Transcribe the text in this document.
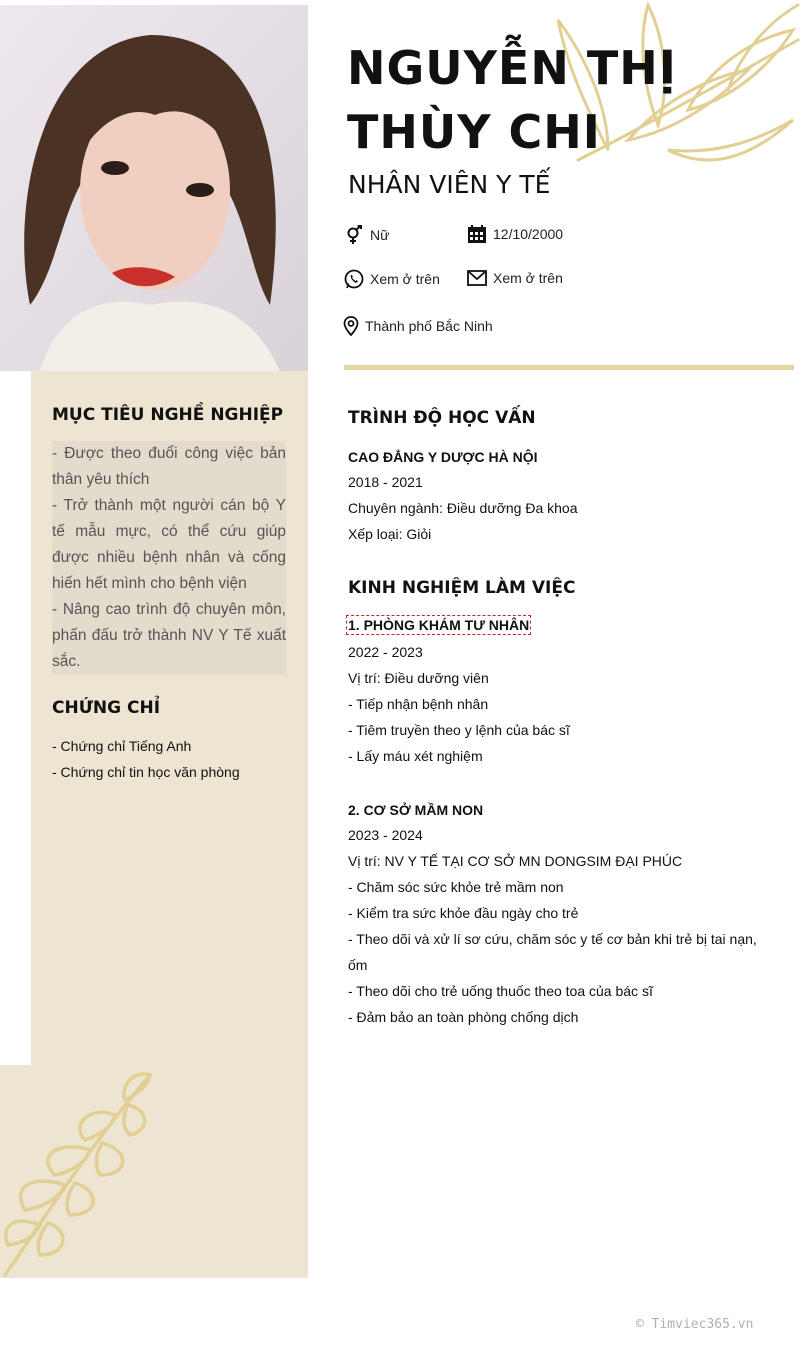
NGUYỄN THỊ
THÙY CHI
NHÂN VIÊN Y TẾ
Nữ	12/10/2000
Xem ở trên	Xem ở trên
Thành phố Bắc Ninh
MỤC TIÊU NGHỀ NGHIỆP

- Được theo đuổi công việc bản thân yêu thích

- Trở thành một người cán bộ Y tế mẫu mực, có thể cứu giúp được nhiều bệnh nhân và cống hiến hết mình cho bệnh viện

- Nâng cao trình độ chuyên môn, phấn đấu trở thành NV Y Tế xuất sắc.

CHỨNG CHỈ
- Chứng chỉ Tiếng Anh
- Chứng chỉ tin học văn phòng
TRÌNH ĐỘ HỌC VẤN
CAO ĐẲNG Y DƯỢC HÀ NỘI
2018 - 2021
Chuyên ngành: Điều dưỡng Đa khoa
Xếp loại: Giỏi
KINH NGHIỆM LÀM VIỆC
1. PHÒNG KHÁM TƯ NHÂN
2022 - 2023
Vị trí: Điều dưỡng viên
- Tiếp nhận bệnh nhân
- Tiêm truyền theo y lệnh của bác sĩ
- Lấy máu xét nghiệm
2. CƠ SỞ MẦM NON
2023 - 2024
Vị trí: NV Y TẾ TẠI CƠ SỞ MN DONGSIM ĐẠI PHÚC
- Chăm sóc sức khỏe trẻ mầm non
- Kiểm tra sức khỏe đầu ngày cho trẻ
- Theo dõi và xử lí sơ cứu, chăm sóc y tế cơ bản khi trẻ bị tai nạn, ốm
- Theo dõi cho trẻ uống thuốc theo toa của bác sĩ
- Đảm bảo an toàn phòng chống dịch
© Timviec365.vn
